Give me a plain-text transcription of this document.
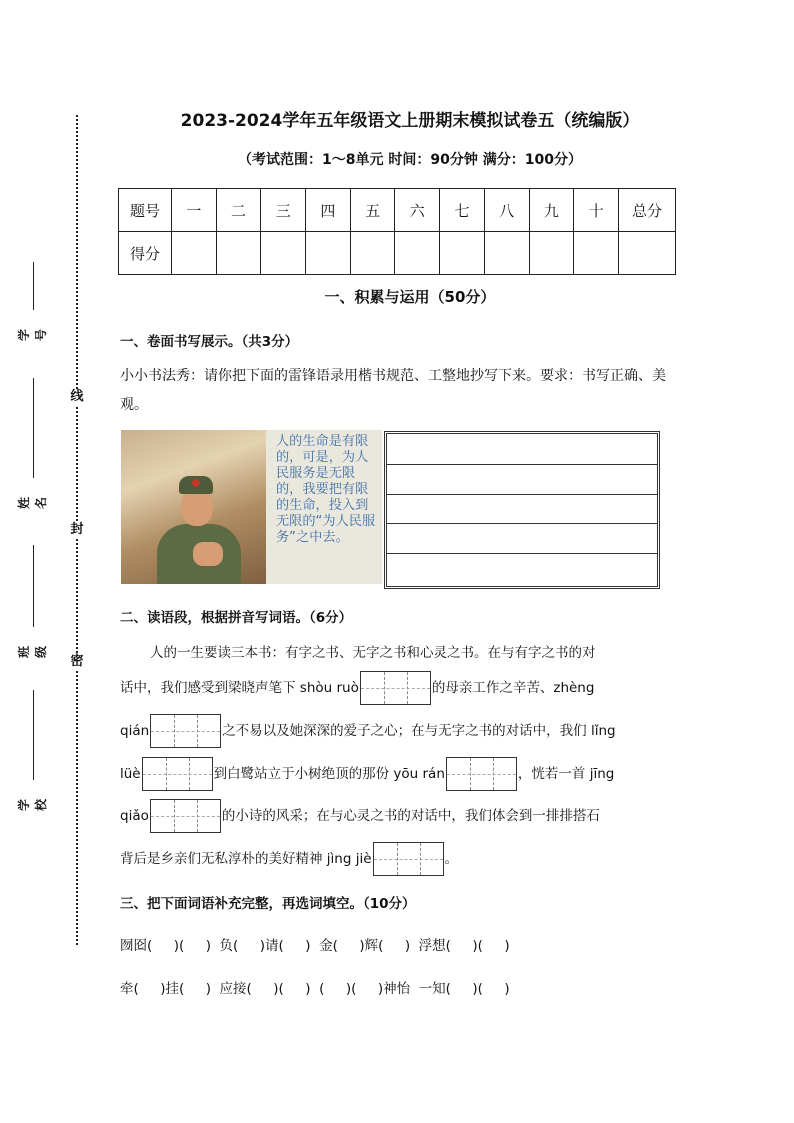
线
封
密
学号
姓名
班级
学校
2023-2024学年五年级语文上册期末模拟试卷五（统编版）
（考试范围：1～8单元 时间：90分钟 满分：100分）
题号	一	二	三	四	五	六	七	八	九	十	总分
得分											
一、积累与运用（50分）
一、卷面书写展示。（共3分）
小小书法秀：请你把下面的雷锋语录用楷书规范、工整地抄写下来。要求：书写正确、美观。
人的生命是有限的，可是，为人民服务是无限的，我要把有限的生命，投入到无限的“为人民服务”之中去。
二、读语段，根据拼音写词语。（6分）
人的一生要读三本书：有字之书、无字之书和心灵之书。在与有字之书的对
话中，我们感受到梁晓声笔下 shòu ruò	的母亲工作之辛苦、zhèng
qián	之不易以及她深深的爱子之心；在与无字之书的对话中，我们 lǐng
lüè	到白鹭站立于小树绝顶的那份 yōu rán	，恍若一首 jīng
qiǎo	的小诗的风采；在与心灵之书的对话中，我们体会到一排排搭石
背后是乡亲们无私淳朴的美好精神 jìng jiè	。
三、把下面词语补充完整，再选词填空。（10分）
囫囵(     )(     )  负(     )请(     )  金(     )辉(     )  浮想(     )(     )
牵(     )挂(     )  应接(     )(     )  (     )(     )神怡  一知(     )(     )
